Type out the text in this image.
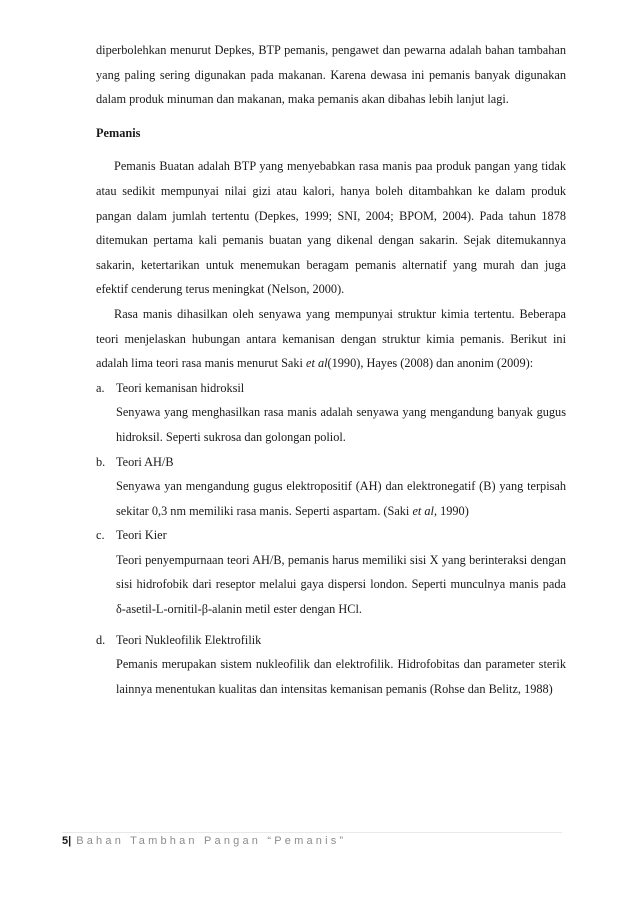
diperbolehkan menurut Depkes, BTP pemanis, pengawet dan pewarna adalah bahan tambahan yang paling sering digunakan pada makanan. Karena dewasa ini pemanis banyak digunakan dalam produk minuman dan makanan, maka pemanis akan dibahas lebih lanjut lagi.

Pemanis

Pemanis Buatan adalah BTP yang menyebabkan rasa manis paa produk pangan yang tidak atau sedikit mempunyai nilai gizi atau kalori, hanya boleh ditambahkan ke dalam produk pangan dalam jumlah tertentu (Depkes, 1999; SNI, 2004; BPOM, 2004). Pada tahun 1878 ditemukan pertama kali pemanis buatan yang dikenal dengan sakarin. Sejak ditemukannya sakarin, ketertarikan untuk menemukan beragam pemanis alternatif yang murah dan juga efektif cenderung terus meningkat (Nelson, 2000).

Rasa manis dihasilkan oleh senyawa yang mempunyai struktur kimia tertentu. Beberapa teori menjelaskan hubungan antara kemanisan dengan struktur kimia pemanis. Berikut ini adalah lima teori rasa manis menurut Saki et al(1990), Hayes (2008) dan anonim (2009):

a. Teori kemanisan hidroksil
Senyawa yang menghasilkan rasa manis adalah senyawa yang mengandung banyak gugus hidroksil. Seperti sukrosa dan golongan poliol.
b. Teori AH/B
Senyawa yan mengandung gugus elektropositif (AH) dan elektronegatif (B) yang terpisah sekitar 0,3 nm memiliki rasa manis. Seperti aspartam. (Saki et al, 1990)
c. Teori Kier
Teori penyempurnaan teori AH/B, pemanis harus memiliki sisi X yang berinteraksi dengan sisi hidrofobik dari reseptor melalui gaya dispersi london. Seperti munculnya manis pada δ-asetil-L-ornitil-β-alanin metil ester dengan HCl.
d. Teori Nukleofilik Elektrofilik
Pemanis merupakan sistem nukleofilik dan elektrofilik. Hidrofobitas dan parameter sterik lainnya menentukan kualitas dan intensitas kemanisan pemanis (Rohse dan Belitz, 1988)
5| Bahan Tambhan Pangan “Pemanis”
